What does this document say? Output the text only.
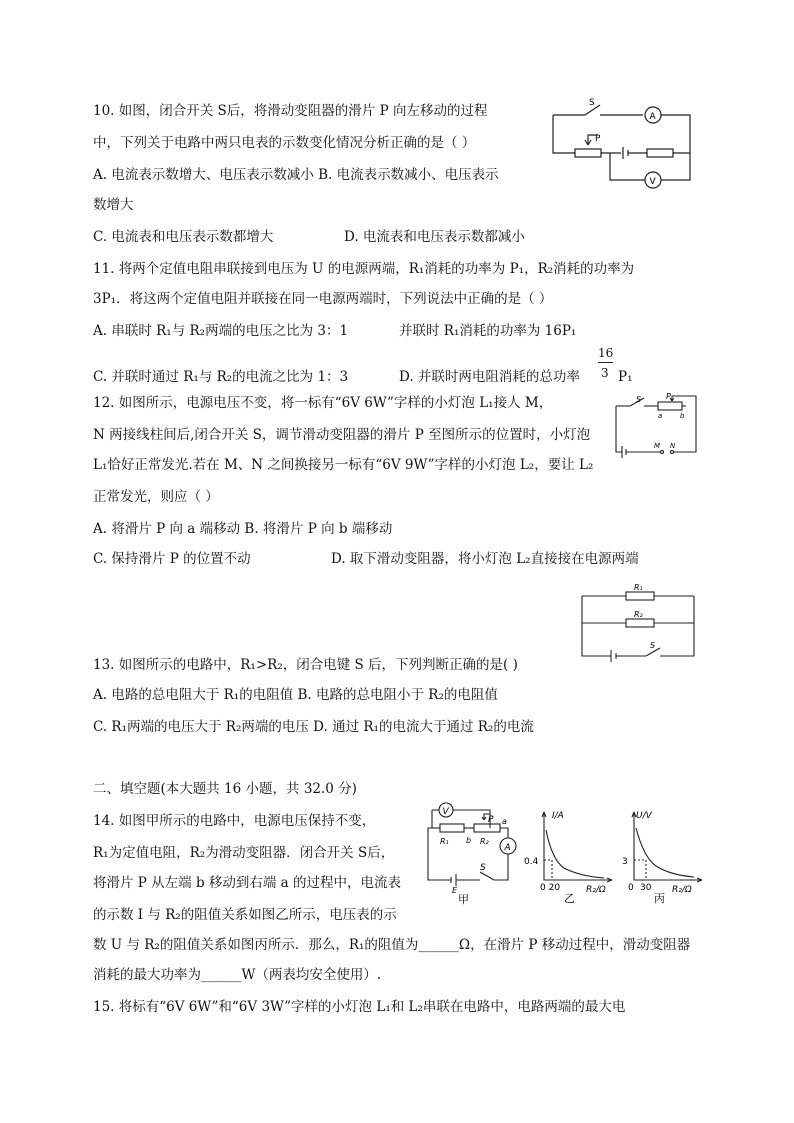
10. 如图，闭合开关 S后，将滑动变阻器的滑片 P 向左移动的过程
中，下列关于电路中两只电表的示数变化情况分析正确的是（ ）
A. 电流表示数增大、电压表示数减小 B. 电流表示数减小、电压表示
数增大
C. 电流表和电压表示数都增大	D. 电流表和电压表示数都减小
S
P
A
V
11. 将两个定值电阻串联接到电压为 U 的电源两端，R₁消耗的功率为 P₁，R₂消耗的功率为
3P₁．将这两个定值电阻并联接在同一电源两端时，下列说法中正确的是（ ）
A. 串联时 R₁与 R₂两端的电压之比为 3：1	并联时 R₁消耗的功率为 16P₁
C. 并联时通过 R₁与 R₂的电流之比为 1：3	D. 并联时两电阻消耗的总功率
16
3 P₁
12. 如图所示，电源电压不变，将一标有“6V 6W”字样的小灯泡 L₁接人 M，
N 两接线柱间后,闭合开关 S，调节滑动变阻器的滑片 P 至图所示的位置时，小灯泡
L₁恰好正常发光.若在 M、N 之间换接另一标有“6V 9W”字样的小灯泡 L₂，要让 L₂
正常发光，则应（ ）
A. 将滑片 P 向 a 端移动 B. 将滑片 P 向 b 端移动
C. 保持滑片 P 的位置不动	D. 取下滑动变阻器，将小灯泡 L₂直接接在电源两端
S	P
a	b
M N
R₁
R₂
S
13. 如图所示的电路中，R₁>R₂，闭合电键 S 后，下列判断正确的是( )
A. 电路的总电阻大于 R₁的电阻值 B. 电路的总电阻小于 R₂的电阻值
C. R₁两端的电压大于 R₂两端的电压 D. 通过 R₁的电流大于通过 R₂的电流
二、填空题(本大题共 16 小题，共 32.0 分)
14. 如图甲所示的电路中，电源电压保持不变，
R₁为定值电阻，R₂为滑动变阻器．闭合开关 S后，
将滑片 P 从左端 b 移动到右端 a 的过程中，电流表
的示数 I 与 R₂的阻值关系如图乙所示，电压表的示
数 U 与 R₂的阻值关系如图丙所示．那么，R₁的阻值为______Ω，在滑片 P 移动过程中，滑动变阻器
消耗的最大功率为______W（两表均安全使用）.
V
A
R₁	R₂
b
a
P
S
E
甲
I/A
0.4
0 20	R₂/Ω
乙
U/V
3
0 30 R₂/Ω
丙
15. 将标有“6V 6W”和“6V 3W”字样的小灯泡 L₁和 L₂串联在电路中，电路两端的最大电
